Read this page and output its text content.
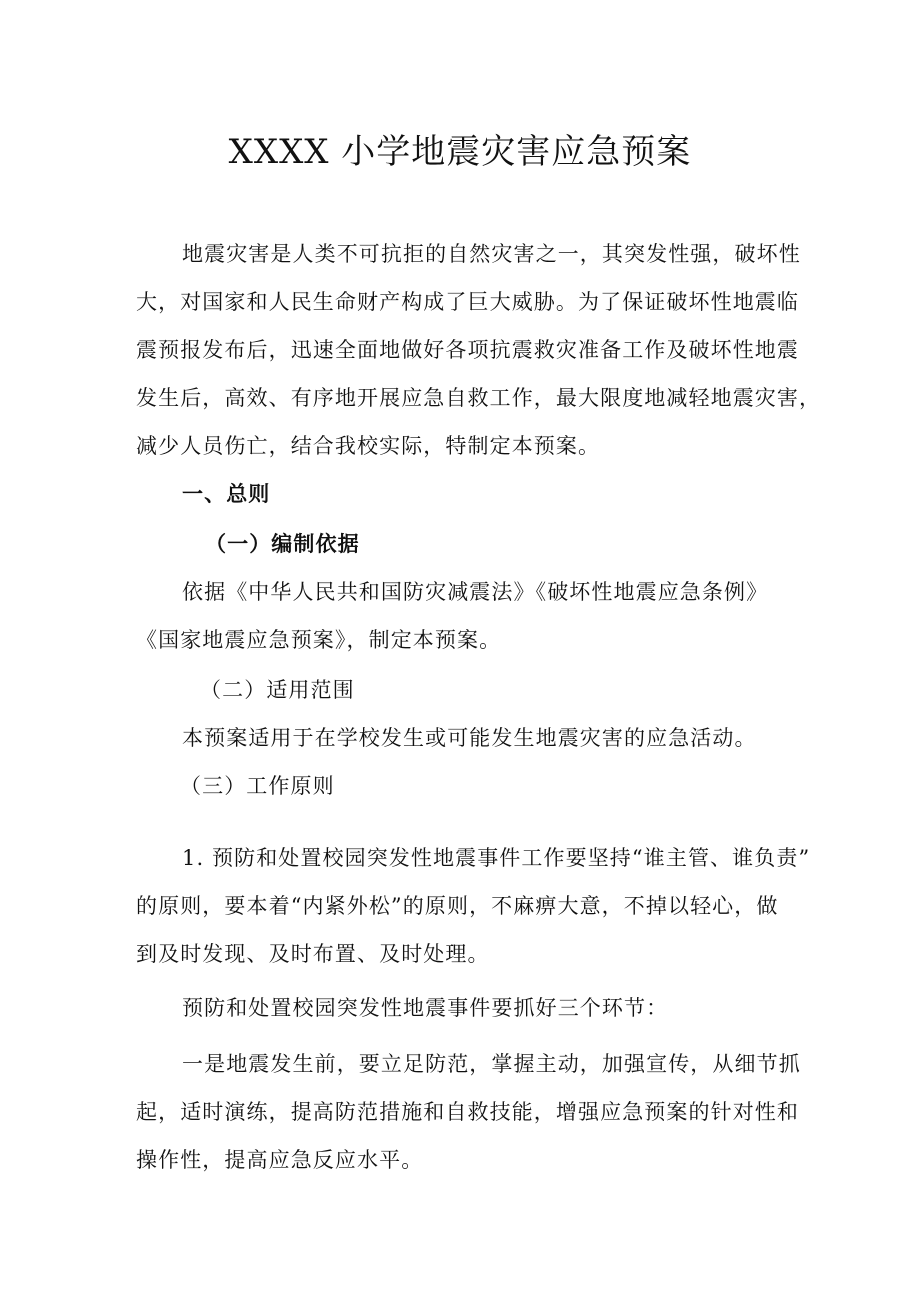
XXXX 小学地震灾害应急预案
地震灾害是人类不可抗拒的自然灾害之一，其突发性强，破坏性
大，对国家和人民生命财产构成了巨大威胁。为了保证破坏性地震临
震预报发布后，迅速全面地做好各项抗震救灾准备工作及破坏性地震
发生后，高效、有序地开展应急自救工作，最大限度地减轻地震灾害，
减少人员伤亡，结合我校实际，特制定本预案。
一、总则
（一）编制依据
依据《中华人民共和国防灾减震法》《破坏性地震应急条例》
《国家地震应急预案》，制定本预案。
（二）适用范围
本预案适用于在学校发生或可能发生地震灾害的应急活动。
（三）工作原则
1. 预防和处置校园突发性地震事件工作要坚持“谁主管、谁负责”
的原则，要本着“内紧外松”的原则，不麻痹大意，不掉以轻心，做
到及时发现、及时布置、及时处理。
预防和处置校园突发性地震事件要抓好三个环节：
一是地震发生前，要立足防范，掌握主动，加强宣传，从细节抓
起，适时演练，提高防范措施和自救技能，增强应急预案的针对性和
操作性，提高应急反应水平。
